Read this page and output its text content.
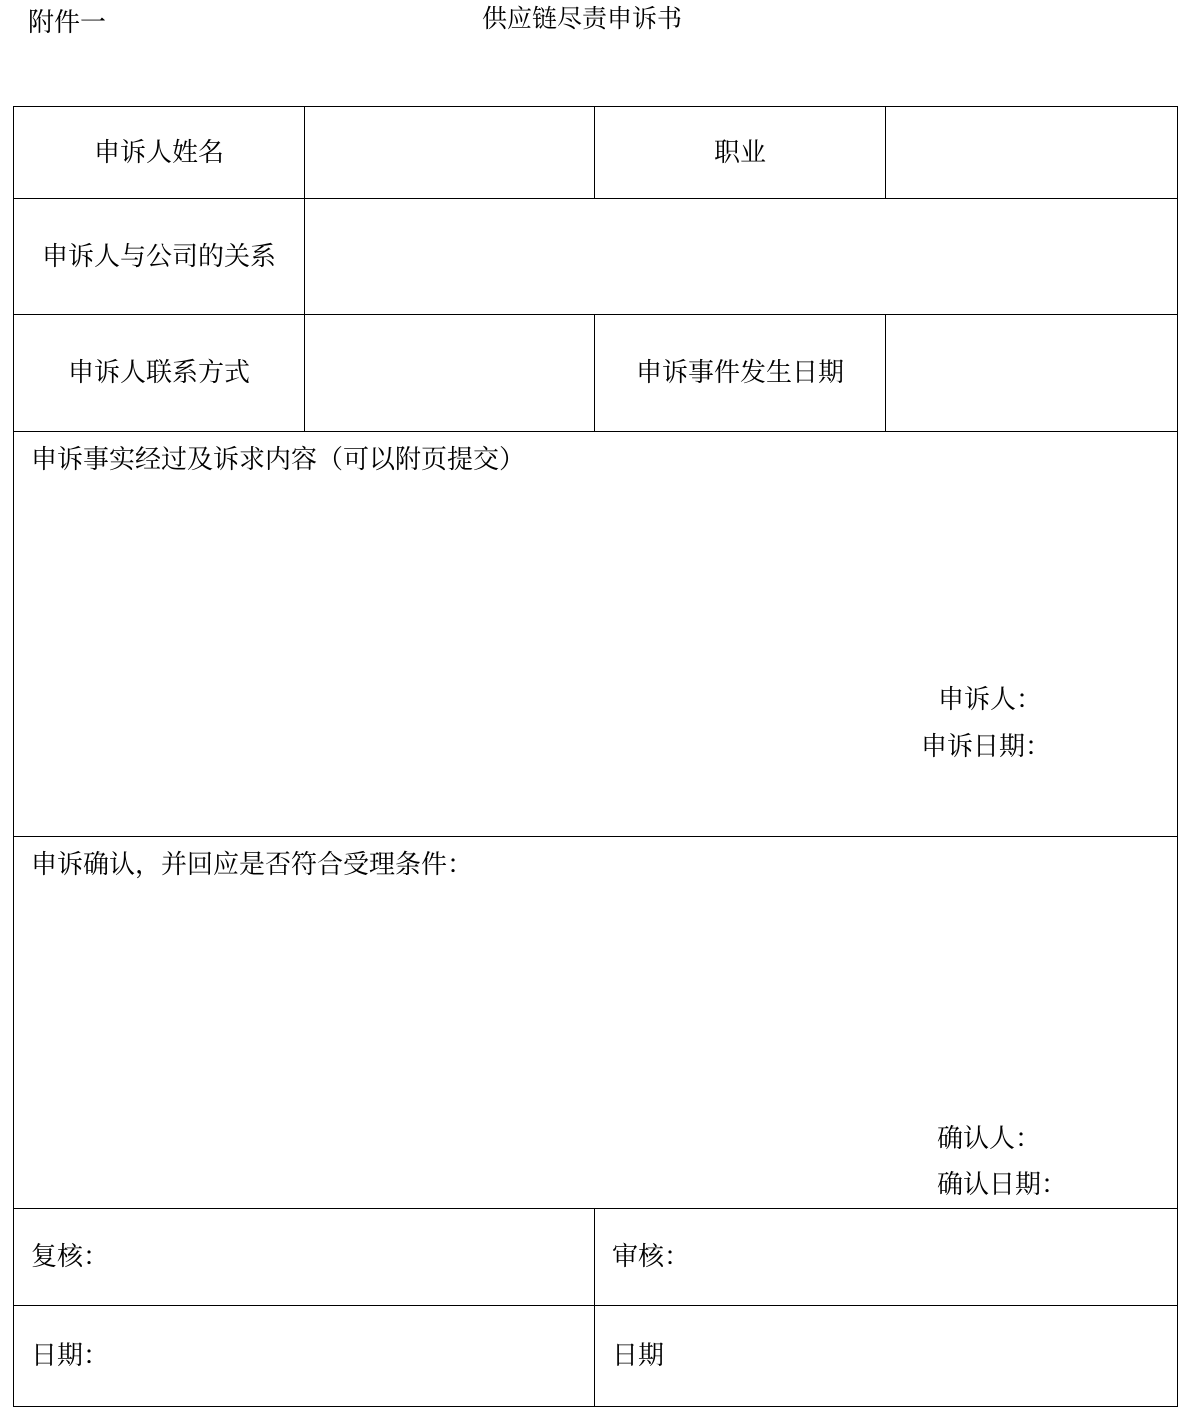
附件一	供应链尽责申诉书
申诉人姓名		职业	
申诉人与公司的关系			
申诉人联系方式		申诉事件发生日期	

申诉事实经过及诉求内容（可以附页提交）
申诉人：
申诉日期：			

申诉确认，并回应是否符合受理条件：
确认人：
确认日期：			

复核：		审核：	
日期：		日期	
